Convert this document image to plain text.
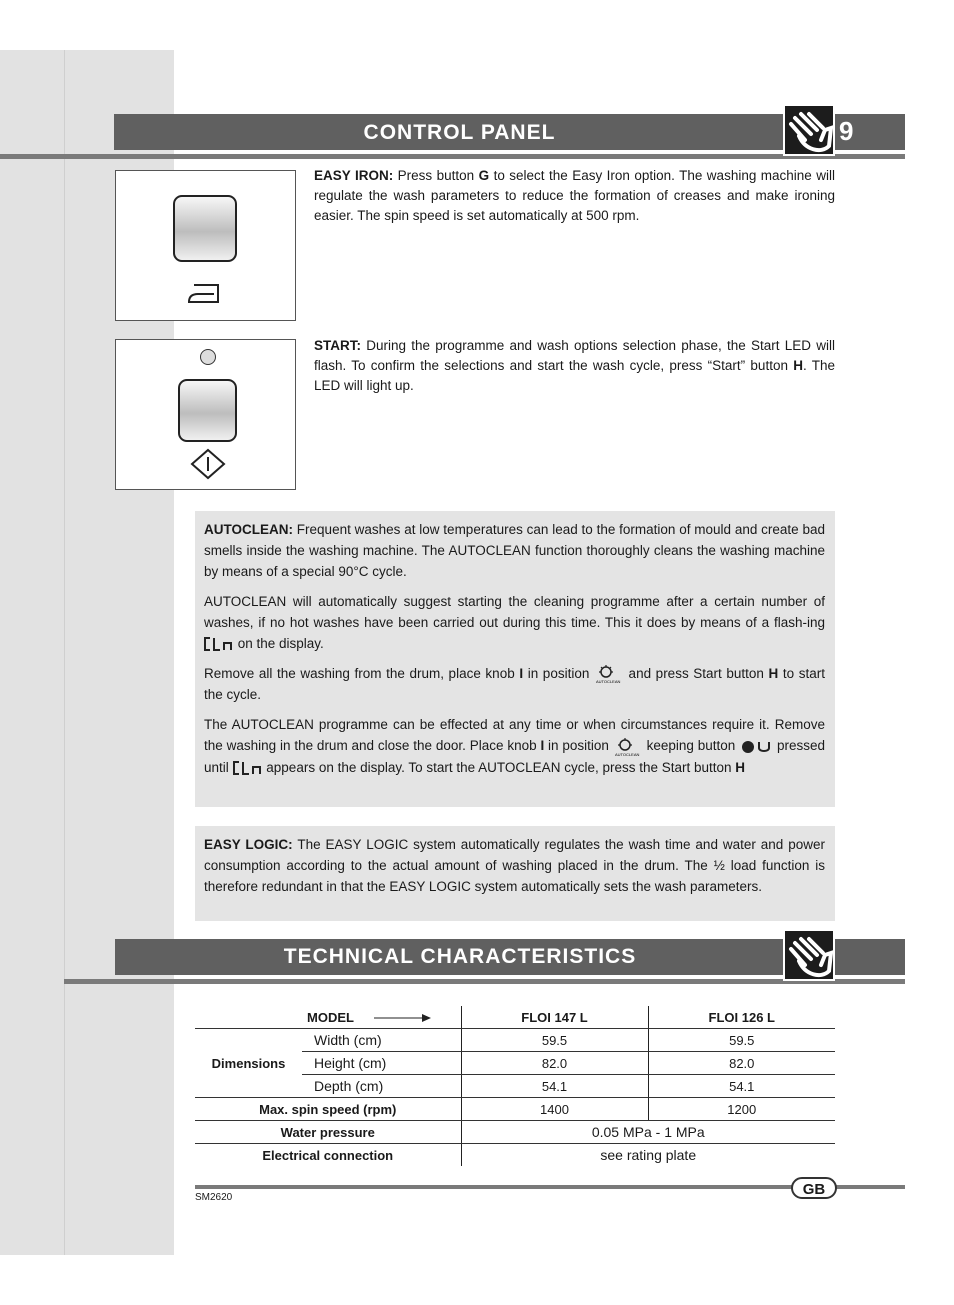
CONTROL PANEL	9
EASY IRON: Press button G to select the Easy Iron option. The washing machine will regulate the wash parameters to reduce the formation of creases and make ironing easier. The spin speed is set automatically at 500 rpm.
START: During the programme and wash options selection phase, the Start LED will flash. To confirm the selections and start the wash cycle, press “Start” button H. The LED will light up.

AUTOCLEAN: Frequent washes at low temperatures can lead to the formation of mould and create bad smells inside the washing machine. The AUTOCLEAN function thoroughly cleans the washing machine by means of a special 90°C cycle.

AUTOCLEAN will automatically suggest starting the cleaning programme after a certain number of washes, if no hot washes have been carried out during this time. This it does by means of a flash-ing  on the display.

Remove all the washing from the drum, place knob I in position
AUTOCLEAN
and press Start button H to start the cycle.

The AUTOCLEAN programme can be effected at any time or when circumstances require it. Remove the washing in the drum and close the door. Place knob I in position
AUTOCLEAN
keeping button	pressed until  appears on the display. To start the AUTOCLEAN cycle, press the Start button H

EASY LOGIC: The EASY LOGIC system automatically regulates the wash time and water and power consumption according to the actual amount of washing placed in the drum. The ½ load function is therefore redundant in that the EASY LOGIC system automatically sets the wash parameters.

TECHNICAL CHARACTERISTICS
MODEL		FLOI 147 L	FLOI 126 L
Dimensions	Width (cm)	59.5	59.5
	Height (cm)	82.0	82.0
	Depth (cm)	54.1	54.1
Max. spin speed (rpm)		1400	1200
Water pressure		0.05 MPa - 1 MPa	
Electrical connection		see rating plate	
GB
SM2620
